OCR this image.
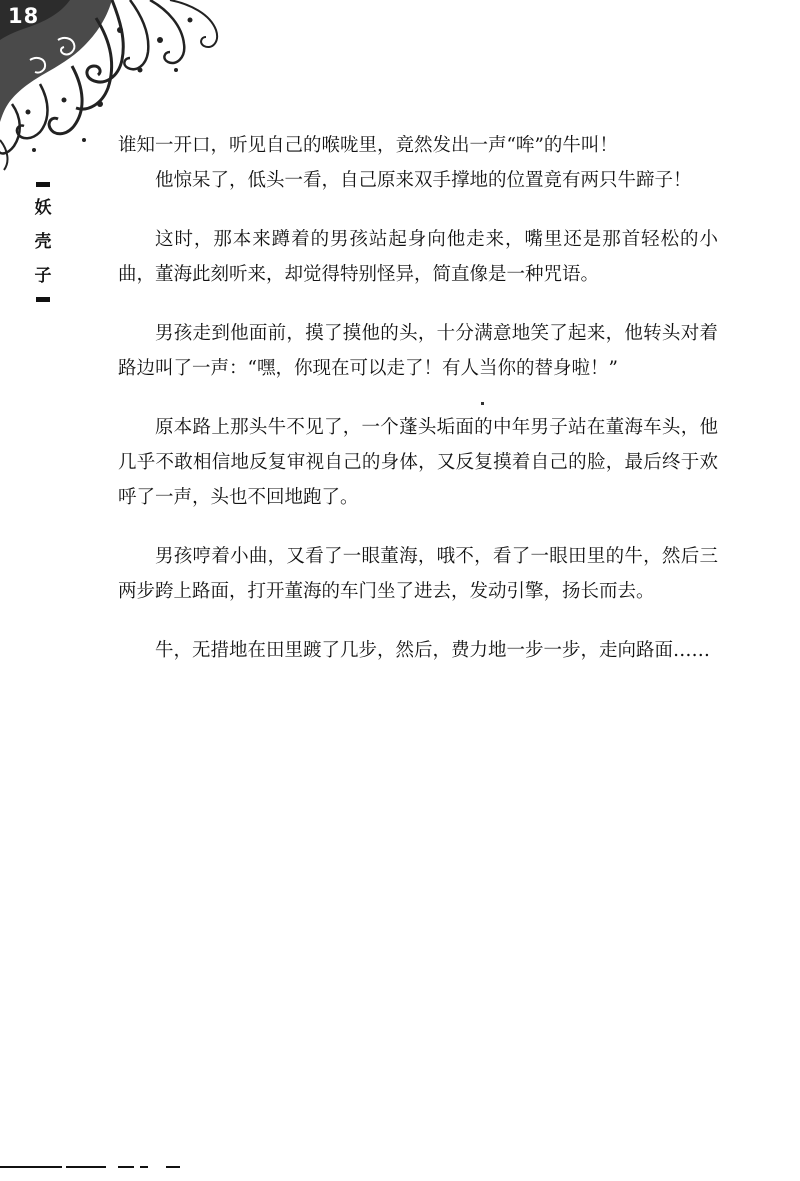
18
妖
壳
子

谁知一开口，听见自己的喉咙里，竟然发出一声“哞”的牛叫！

他惊呆了，低头一看，自己原来双手撑地的位置竟有两只牛蹄子！

这时，那本来蹲着的男孩站起身向他走来，嘴里还是那首轻松的小曲，董海此刻听来，却觉得特别怪异，简直像是一种咒语。

男孩走到他面前，摸了摸他的头，十分满意地笑了起来，他转头对着路边叫了一声：“嘿，你现在可以走了！有人当你的替身啦！”

原本路上那头牛不见了，一个蓬头垢面的中年男子站在董海车头，他几乎不敢相信地反复审视自己的身体，又反复摸着自己的脸，最后终于欢呼了一声，头也不回地跑了。

男孩哼着小曲，又看了一眼董海，哦不，看了一眼田里的牛，然后三两步跨上路面，打开董海的车门坐了进去，发动引擎，扬长而去。

牛，无措地在田里踱了几步，然后，费力地一步一步，走向路面……
